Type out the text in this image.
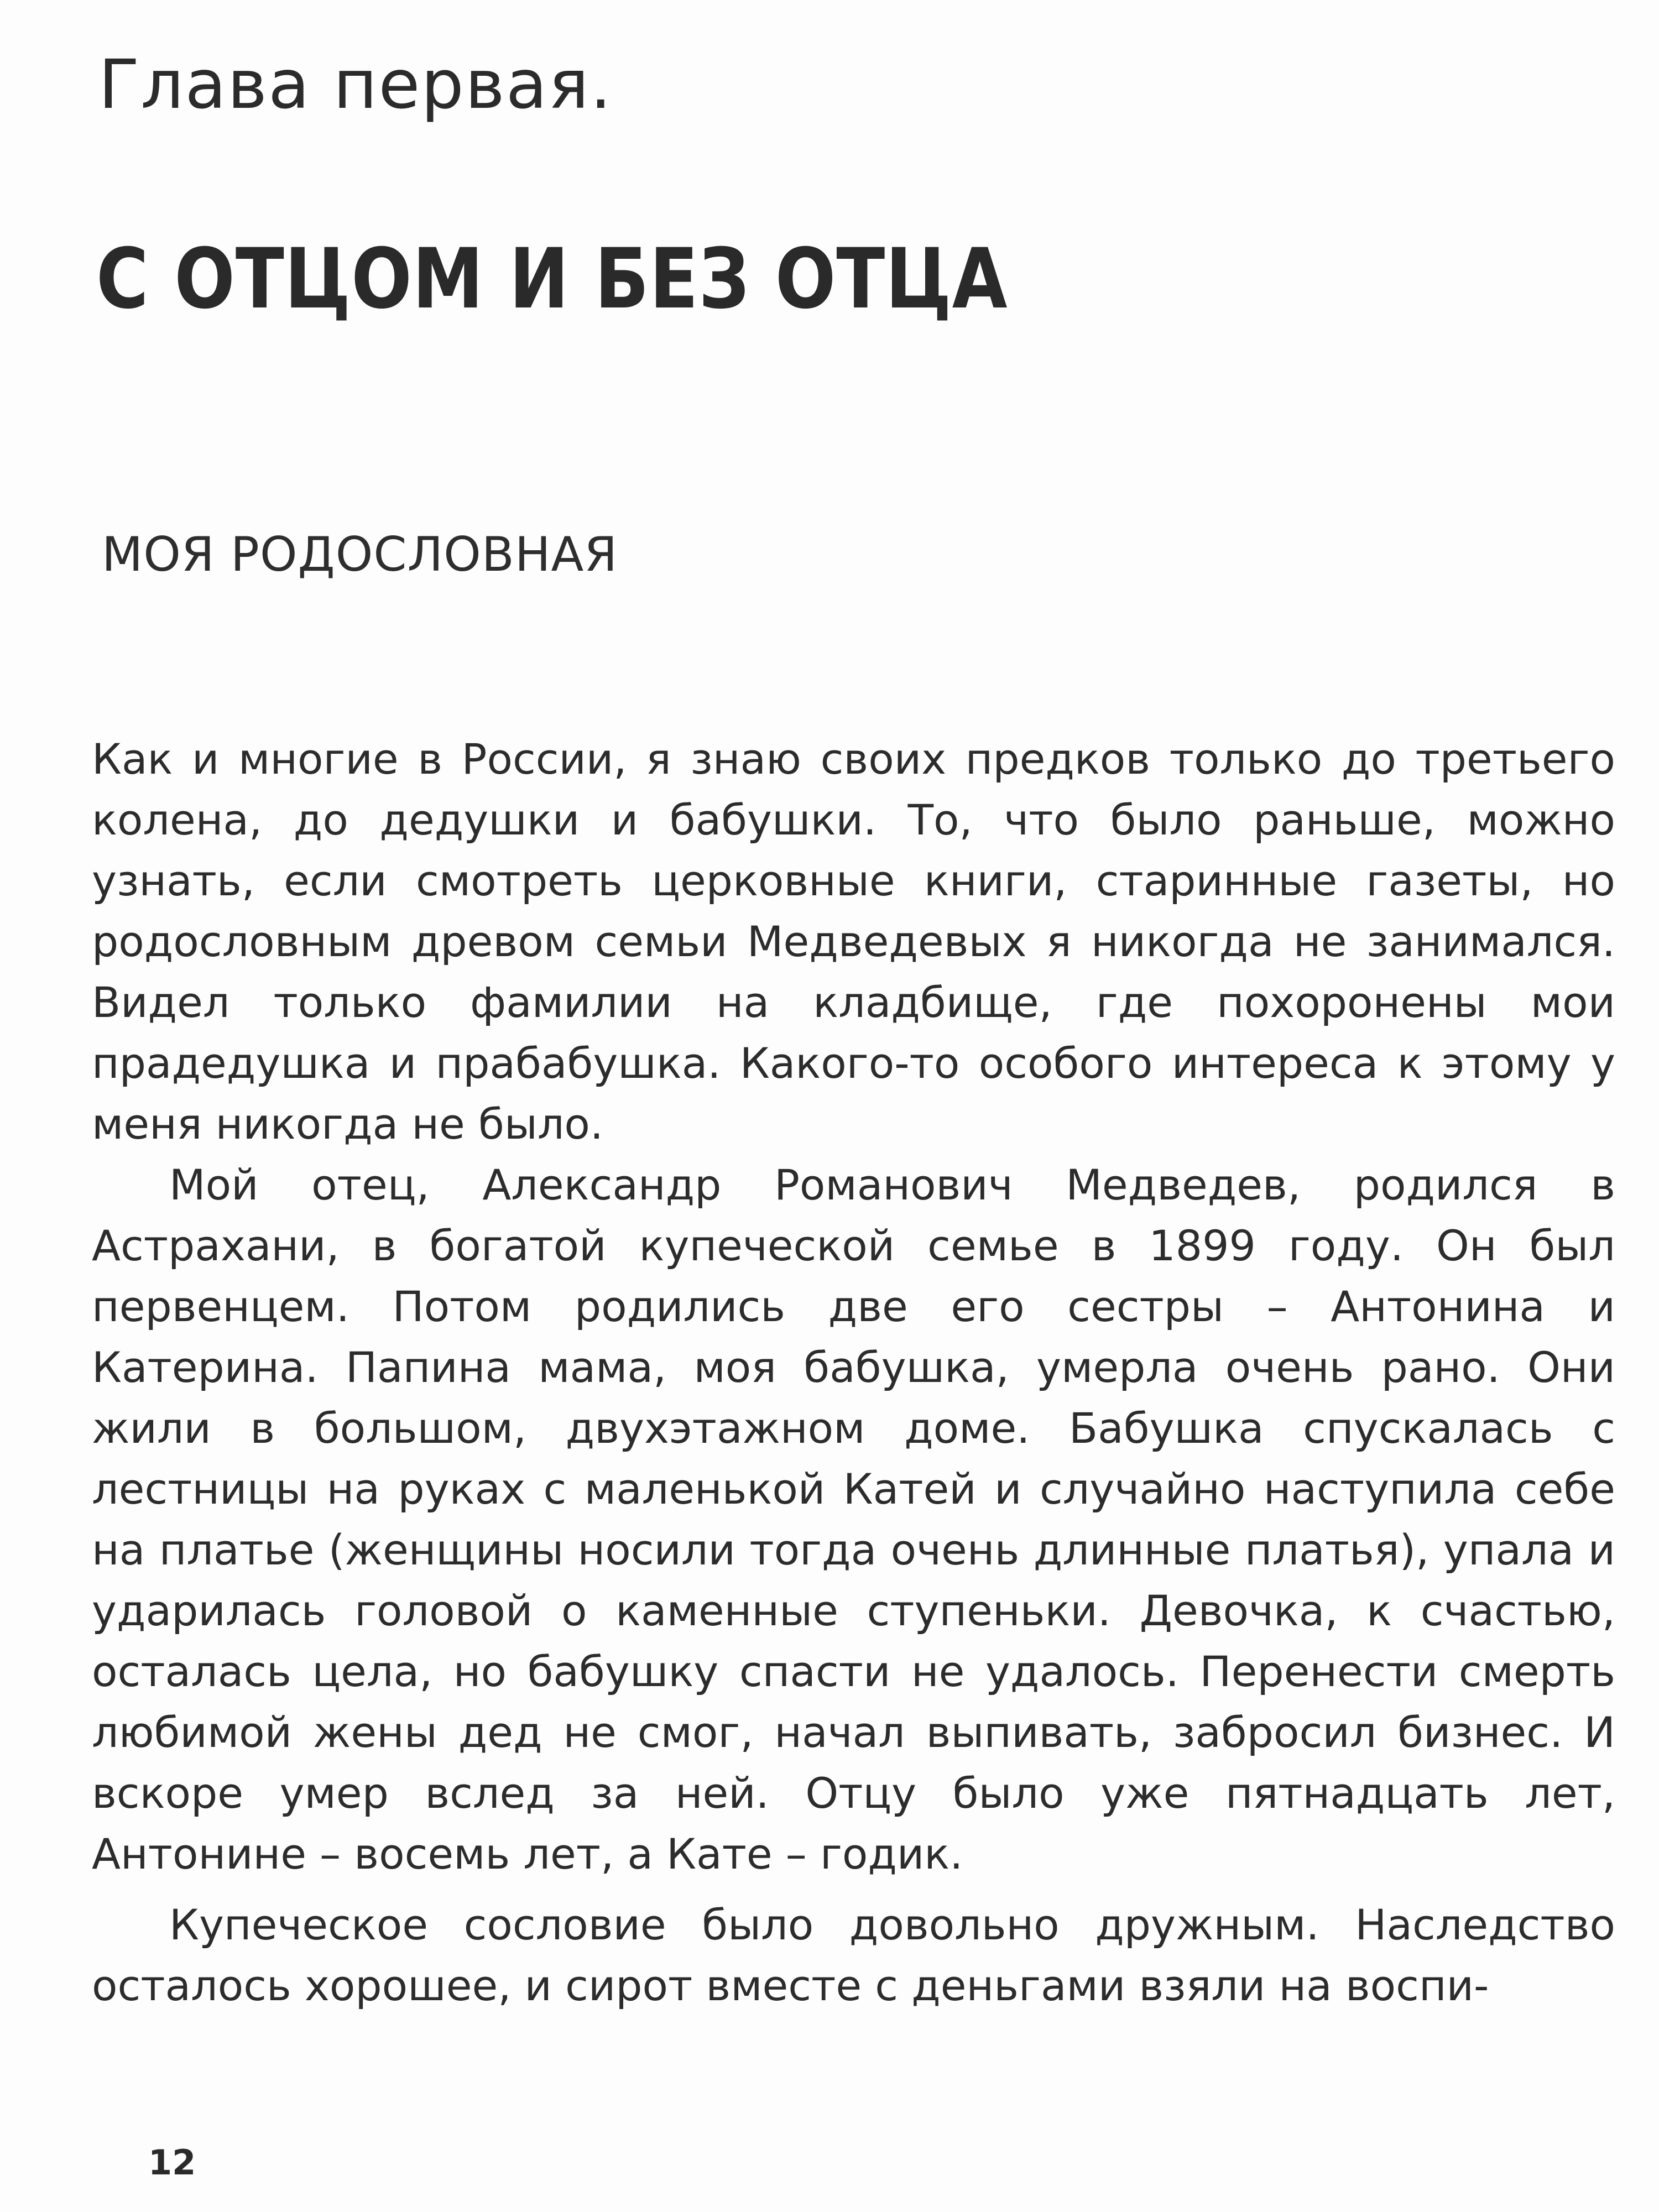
Глава первая.
С ОТЦОМ И БЕЗ ОТЦА
МОЯ РОДОСЛОВНАЯ

Как и многие в России, я знаю своих предков только до третьего колена, до дедушки и бабушки. То, что было раньше, можно узнать, если смотреть церковные книги, старинные газеты, но родословным древом семьи Медведевых я никогда не занимался. Видел только фамилии на кладбище, где похоронены мои прадедушка и прабабушка. Какого-то особого интереса к этому у меня никогда не было.

Мой отец, Александр Романович Медведев, родился в Астрахани, в богатой купеческой семье в 1899 году. Он был первенцем. Потом родились две его сестры – Антонина и Катерина. Папина мама, моя бабушка, умерла очень рано. Они жили в большом, двухэтажном доме. Бабушка спускалась с лестницы на руках с маленькой Катей и случайно наступила себе на платье (женщины носили тогда очень длинные платья), упала и ударилась головой о каменные ступеньки. Девочка, к счастью, осталась цела, но бабушку спасти не удалось. Перенести смерть любимой жены дед не смог, начал выпивать, забросил бизнес. И вскоре умер вслед за ней. Отцу было уже пятнадцать лет, Антонине – восемь лет, а Кате – годик.

Купеческое сословие было довольно дружным. Наследство осталось хорошее, и сирот вместе с деньгами взяли на воспи-

12
